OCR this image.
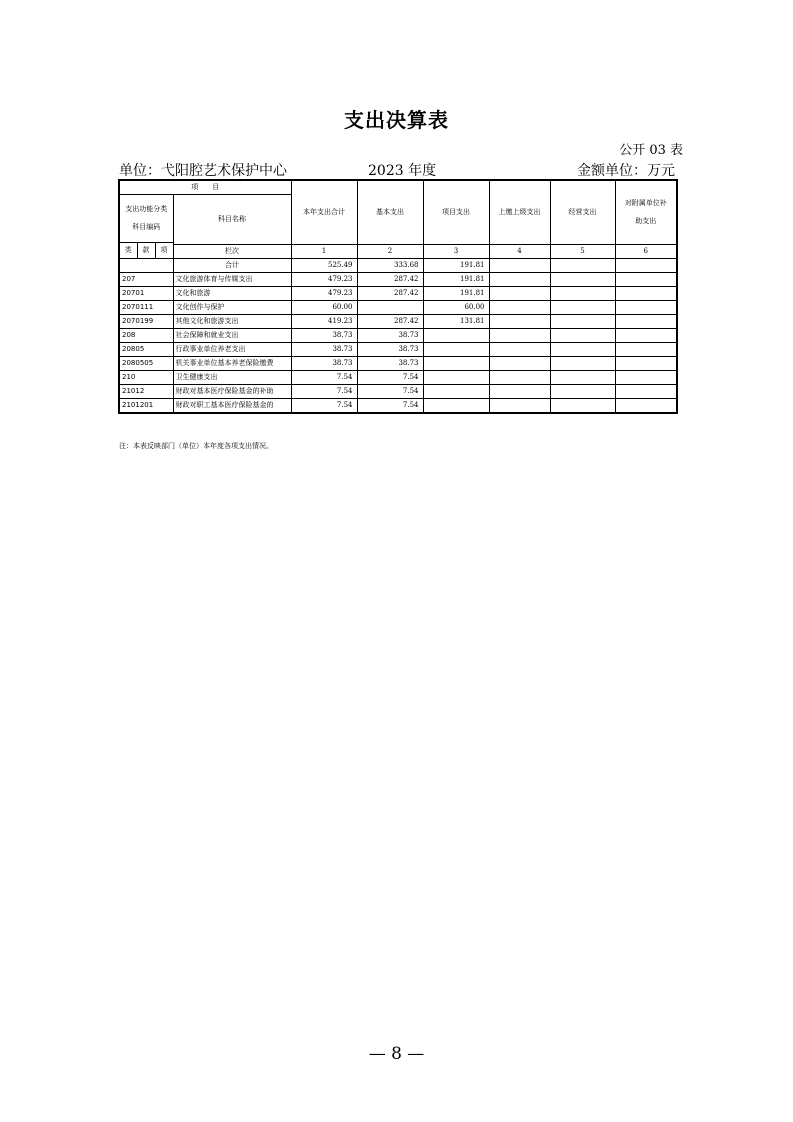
支出决算表
公开 03 表
单位：弋阳腔艺术保护中心	2023 年度	金额单位：万元
项　　目				本年支出合计	基本支出	项目支出	上缴上级支出	经营支出	对附属单位补
助支出

支出功能分类
科目编码			科目名称						
类	款	项							
			栏次	1	2	3	4	5	6
			合计	525.49	333.68	191.81			
207			文化旅游体育与传媒支出	479.23	287.42	191.81			
20701			文化和旅游	479.23	287.42	191.81			
2070111			文化创作与保护	60.00		60.00			
2070199			其他文化和旅游支出	419.23	287.42	131.81			
208			社会保障和就业支出	38.73	38.73				
20805			行政事业单位养老支出	38.73	38.73				
2080505			机关事业单位基本养老保险缴费	38.73	38.73				
210			卫生健康支出	7.54	7.54				
21012			财政对基本医疗保险基金的补助	7.54	7.54				
2101201			财政对职工基本医疗保险基金的	7.54	7.54				
注：本表反映部门（单位）本年度各项支出情况。
— 8 —
